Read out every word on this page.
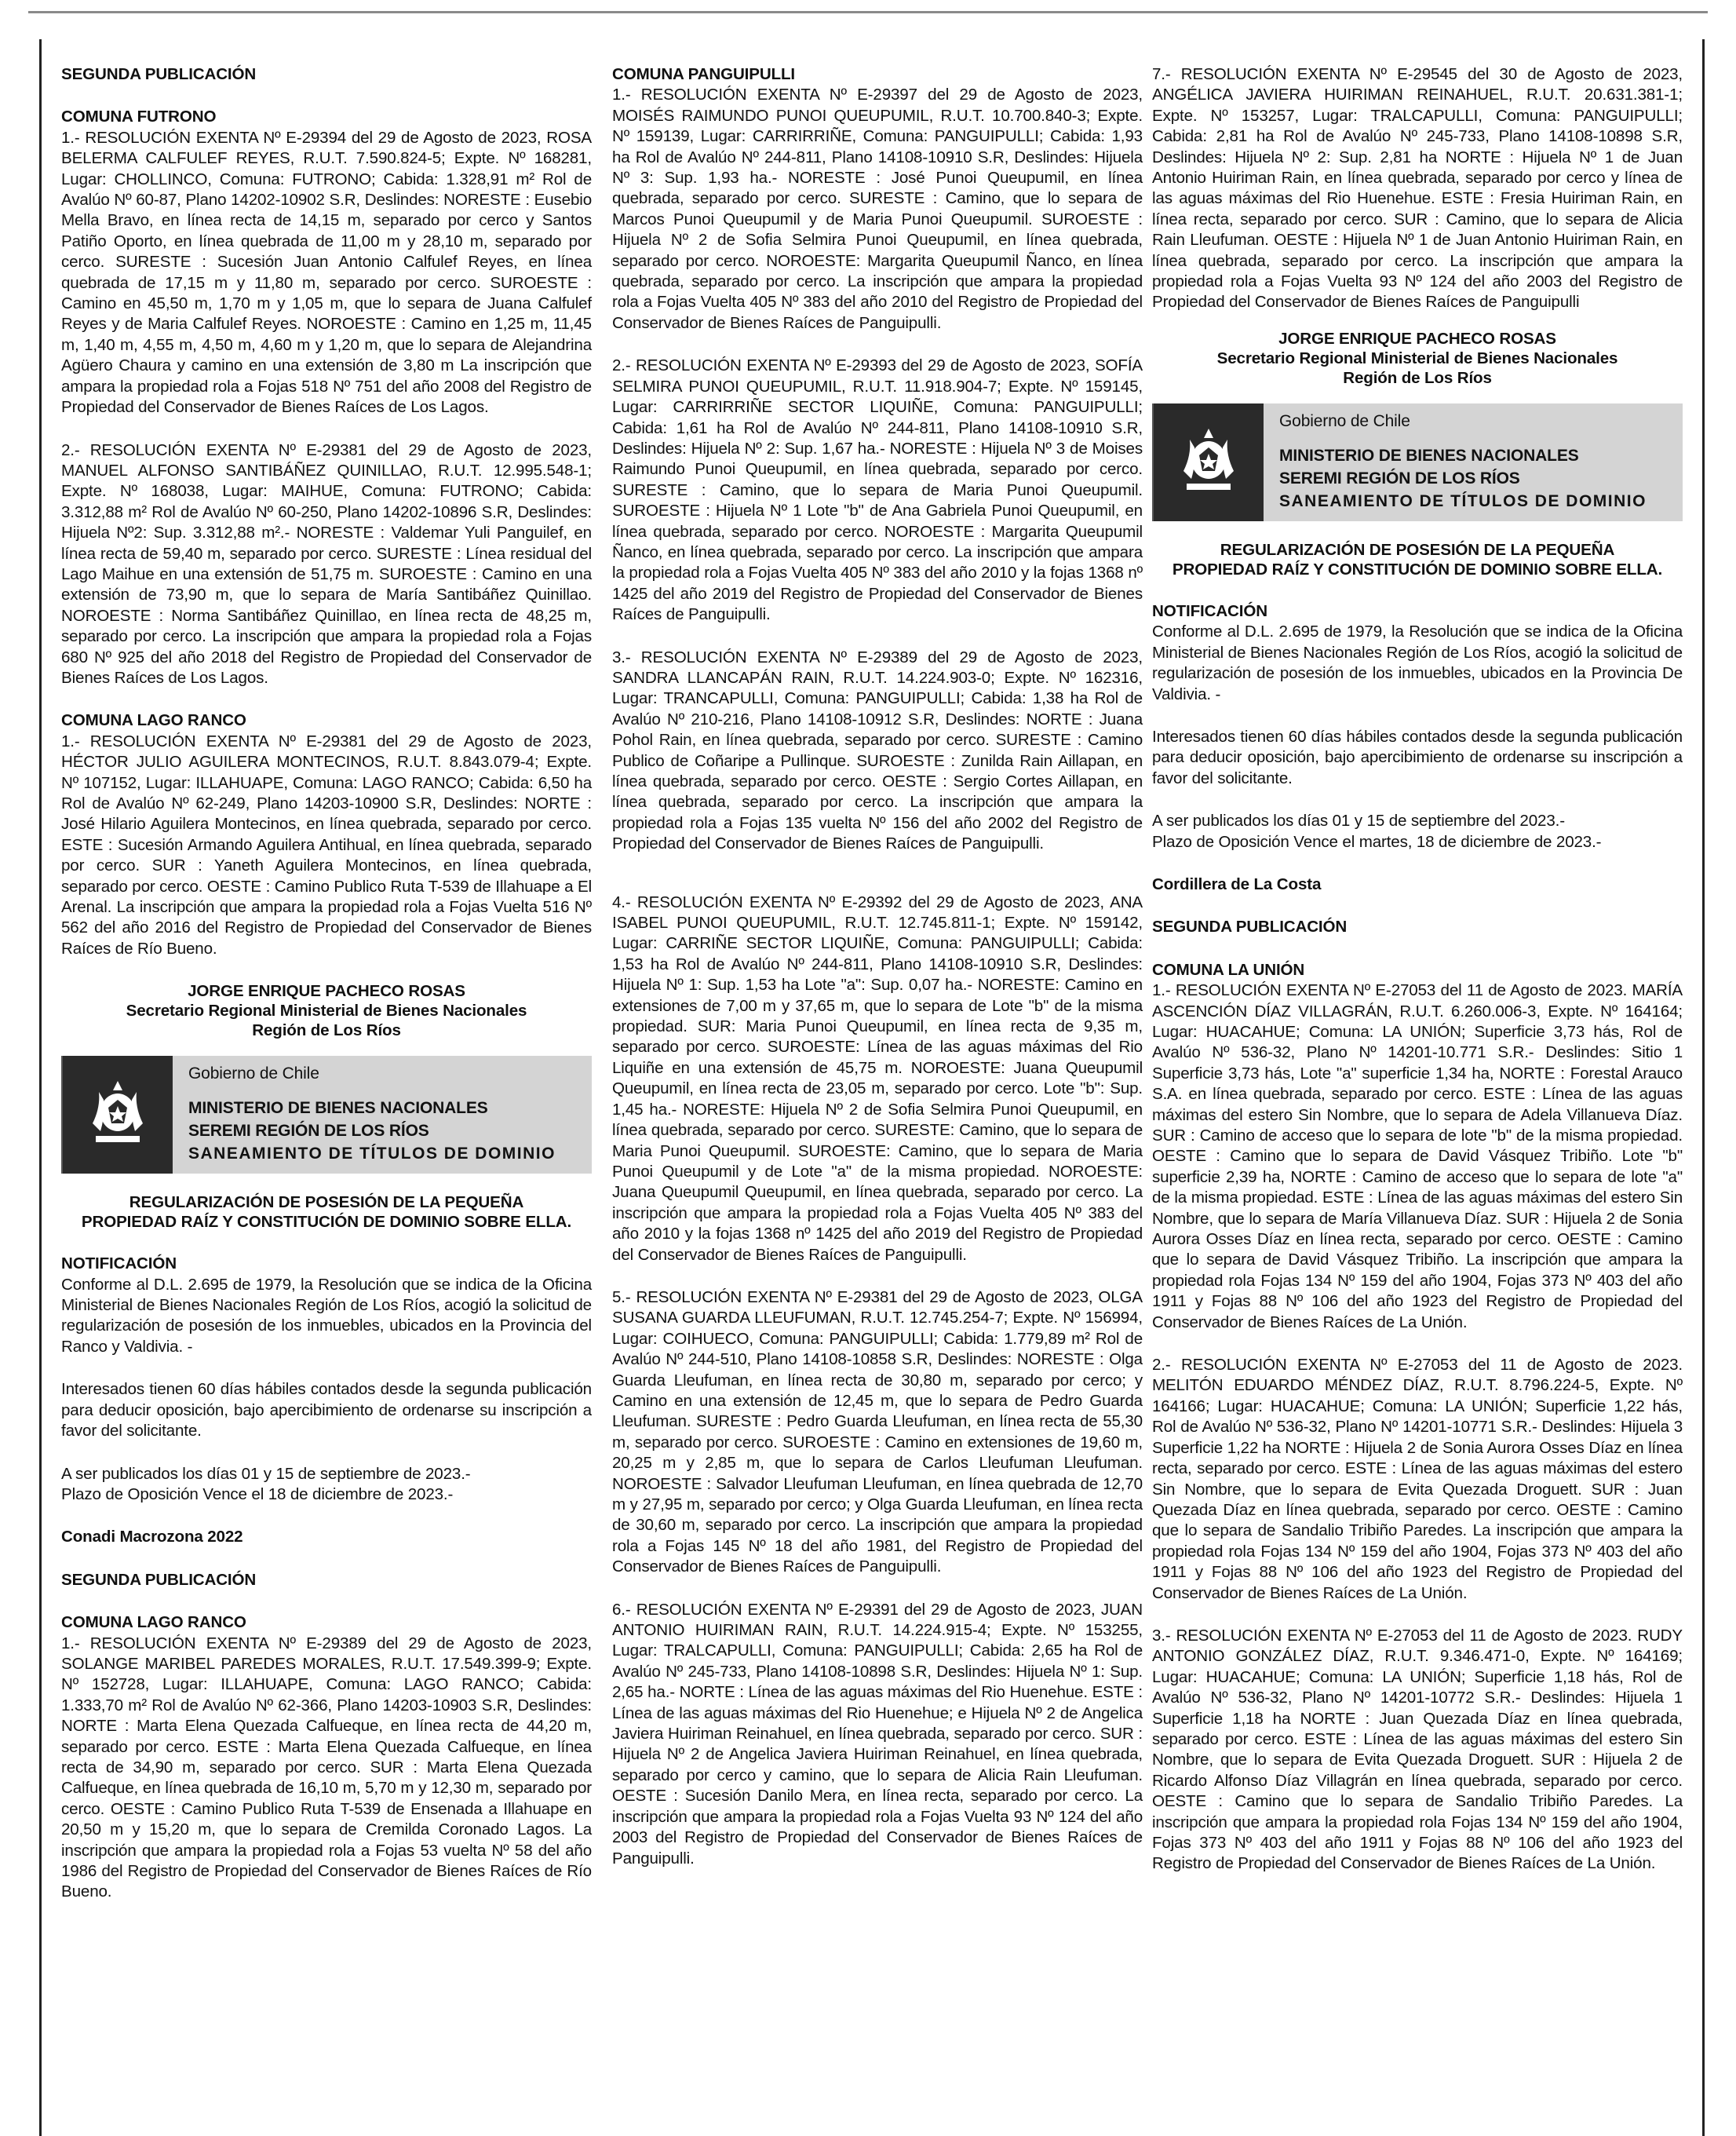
SEGUNDA PUBLICACIÓN

COMUNA FUTRONO

1.- RESOLUCIÓN EXENTA Nº E-29394 del 29 de Agosto de 2023, ROSA BELERMA CALFULEF REYES, R.U.T. 7.590.824-5; Expte. Nº 168281, Lugar: CHOLLINCO, Comuna: FUTRONO; Cabida: 1.328,91 m² Rol de Avalúo Nº 60-87, Plano 14202-10902 S.R, Deslindes: NORESTE : Eusebio Mella Bravo, en línea recta de 14,15 m, separado por cerco y Santos Patiño Oporto, en línea quebrada de 11,00 m y 28,10 m, separado por cerco. SURESTE : Sucesión Juan Antonio Calfulef Reyes, en línea quebrada de 17,15 m y 11,80 m, separado por cerco. SUROESTE : Camino en 45,50 m, 1,70 m y 1,05 m, que lo separa de Juana Calfulef Reyes y de Maria Calfulef Reyes. NOROESTE : Camino en 1,25 m, 11,45 m, 1,40 m, 4,55 m, 4,50 m, 4,60 m y 1,20 m, que lo separa de Alejandrina Agüero Chaura y camino en una extensión de 3,80 m La inscripción que ampara la propiedad rola a Fojas 518 Nº 751 del año 2008 del Registro de Propiedad del Conservador de Bienes Raíces de Los Lagos.

2.- RESOLUCIÓN EXENTA Nº E-29381 del 29 de Agosto de 2023, MANUEL ALFONSO SANTIBÁÑEZ QUINILLAO, R.U.T. 12.995.548-1; Expte. Nº 168038, Lugar: MAIHUE, Comuna: FUTRONO; Cabida: 3.312,88 m² Rol de Avalúo Nº 60-250, Plano 14202-10896 S.R, Deslindes: Hijuela Nº2: Sup. 3.312,88 m².- NORESTE : Valdemar Yuli Panguilef, en línea recta de 59,40 m, separado por cerco. SURESTE : Línea residual del Lago Maihue en una extensión de 51,75 m. SUROESTE : Camino en una extensión de 73,90 m, que lo separa de María Santibáñez Quinillao. NOROESTE : Norma Santibáñez Quinillao, en línea recta de 48,25 m, separado por cerco. La inscripción que ampara la propiedad rola a Fojas 680 Nº 925 del año 2018 del Registro de Propiedad del Conservador de Bienes Raíces de Los Lagos.

COMUNA LAGO RANCO

1.- RESOLUCIÓN EXENTA Nº E-29381 del 29 de Agosto de 2023, HÉCTOR JULIO AGUILERA MONTECINOS, R.U.T. 8.843.079-4; Expte. Nº 107152, Lugar: ILLAHUAPE, Comuna: LAGO RANCO; Cabida: 6,50 ha Rol de Avalúo Nº 62-249, Plano 14203-10900 S.R, Deslindes: NORTE : José Hilario Aguilera Montecinos, en línea quebrada, separado por cerco. ESTE : Sucesión Armando Aguilera Antihual, en línea quebrada, separado por cerco. SUR : Yaneth Aguilera Montecinos, en línea quebrada, separado por cerco. OESTE : Camino Publico Ruta T-539 de Illahuape a El Arenal. La inscripción que ampara la propiedad rola a Fojas Vuelta 516 Nº 562 del año 2016 del Registro de Propiedad del Conservador de Bienes Raíces de Río Bueno.

JORGE ENRIQUE PACHECO ROSAS
Secretario Regional Ministerial de Bienes Nacionales
Región de Los Ríos
Gobierno de Chile
MINISTERIO DE BIENES NACIONALES
SEREMI REGIÓN DE LOS RÍOS
SANEAMIENTO DE TÍTULOS DE DOMINIO
REGULARIZACIÓN DE POSESIÓN DE LA PEQUEÑA
PROPIEDAD RAÍZ Y CONSTITUCIÓN DE DOMINIO SOBRE ELLA.

NOTIFICACIÓN

Conforme al D.L. 2.695 de 1979, la Resolución que se indica de la Oficina Ministerial de Bienes Nacionales Región de Los Ríos, acogió la solicitud de regularización de posesión de los inmuebles, ubicados en la Provincia del Ranco y Valdivia. -

Interesados tienen 60 días hábiles contados desde la segunda publicación para deducir oposición, bajo apercibimiento de ordenarse su inscripción a favor del solicitante.

A ser publicados los días 01 y 15 de septiembre de 2023.-

Plazo de Oposición Vence el 18 de diciembre de 2023.-

Conadi Macrozona 2022

SEGUNDA PUBLICACIÓN

COMUNA LAGO RANCO

1.- RESOLUCIÓN EXENTA Nº E-29389 del 29 de Agosto de 2023, SOLANGE MARIBEL PAREDES MORALES, R.U.T. 17.549.399-9; Expte. Nº 152728, Lugar: ILLAHUAPE, Comuna: LAGO RANCO; Cabida: 1.333,70 m² Rol de Avalúo Nº 62-366, Plano 14203-10903 S.R, Deslindes: NORTE : Marta Elena Quezada Calfueque, en línea recta de 44,20 m, separado por cerco. ESTE : Marta Elena Quezada Calfueque, en línea recta de 34,90 m, separado por cerco. SUR : Marta Elena Quezada Calfueque, en línea quebrada de 16,10 m, 5,70 m y 12,30 m, separado por cerco. OESTE : Camino Publico Ruta T-539 de Ensenada a Illahuape en 20,50 m y 15,20 m, que lo separa de Cremilda Coronado Lagos. La inscripción que ampara la propiedad rola a Fojas 53 vuelta Nº 58 del año 1986 del Registro de Propiedad del Conservador de Bienes Raíces de Río Bueno.

COMUNA PANGUIPULLI

1.- RESOLUCIÓN EXENTA Nº E-29397 del 29 de Agosto de 2023, MOISÉS RAIMUNDO PUNOI QUEUPUMIL, R.U.T. 10.700.840-3; Expte. Nº 159139, Lugar: CARRIRRIÑE, Comuna: PANGUIPULLI; Cabida: 1,93 ha Rol de Avalúo Nº 244-811, Plano 14108-10910 S.R, Deslindes: Hijuela Nº 3: Sup. 1,93 ha.- NORESTE : José Punoi Queupumil, en línea quebrada, separado por cerco. SURESTE : Camino, que lo separa de Marcos Punoi Queupumil y de Maria Punoi Queupumil. SUROESTE : Hijuela Nº 2 de Sofia Selmira Punoi Queupumil, en línea quebrada, separado por cerco. NOROESTE: Margarita Queupumil Ñanco, en línea quebrada, separado por cerco. La inscripción que ampara la propiedad rola a Fojas Vuelta 405 Nº 383 del año 2010 del Registro de Propiedad del Conservador de Bienes Raíces de Panguipulli.

2.- RESOLUCIÓN EXENTA Nº E-29393 del 29 de Agosto de 2023, SOFÍA SELMIRA PUNOI QUEUPUMIL, R.U.T. 11.918.904-7; Expte. Nº 159145, Lugar: CARRIRRIÑE SECTOR LIQUIÑE, Comuna: PANGUIPULLI; Cabida: 1,61 ha Rol de Avalúo Nº 244-811, Plano 14108-10910 S.R, Deslindes: Hijuela Nº 2: Sup. 1,67 ha.- NORESTE : Hijuela Nº 3 de Moises Raimundo Punoi Queupumil, en línea quebrada, separado por cerco. SURESTE : Camino, que lo separa de Maria Punoi Queupumil. SUROESTE : Hijuela Nº 1 Lote "b" de Ana Gabriela Punoi Queupumil, en línea quebrada, separado por cerco. NOROESTE : Margarita Queupumil Ñanco, en línea quebrada, separado por cerco. La inscripción que ampara la propiedad rola a Fojas Vuelta 405 Nº 383 del año 2010 y la fojas 1368 nº 1425 del año 2019 del Registro de Propiedad del Conservador de Bienes Raíces de Panguipulli.

3.- RESOLUCIÓN EXENTA Nº E-29389 del 29 de Agosto de 2023, SANDRA LLANCAPÁN RAIN, R.U.T. 14.224.903-0; Expte. Nº 162316, Lugar: TRANCAPULLI, Comuna: PANGUIPULLI; Cabida: 1,38 ha Rol de Avalúo Nº 210-216, Plano 14108-10912 S.R, Deslindes: NORTE : Juana Pohol Rain, en línea quebrada, separado por cerco. SURESTE : Camino Publico de Coñaripe a Pullinque. SUROESTE : Zunilda Rain Aillapan, en línea quebrada, separado por cerco. OESTE : Sergio Cortes Aillapan, en línea quebrada, separado por cerco. La inscripción que ampara la propiedad rola a Fojas 135 vuelta Nº 156 del año 2002 del Registro de Propiedad del Conservador de Bienes Raíces de Panguipulli.

4.- RESOLUCIÓN EXENTA Nº E-29392 del 29 de Agosto de 2023, ANA ISABEL PUNOI QUEUPUMIL, R.U.T. 12.745.811-1; Expte. Nº 159142, Lugar: CARRIÑE SECTOR LIQUIÑE, Comuna: PANGUIPULLI; Cabida: 1,53 ha Rol de Avalúo Nº 244-811, Plano 14108-10910 S.R, Deslindes: Hijuela Nº 1: Sup. 1,53 ha Lote "a": Sup. 0,07 ha.- NORESTE: Camino en extensiones de 7,00 m y 37,65 m, que lo separa de Lote "b" de la misma propiedad. SUR: Maria Punoi Queupumil, en línea recta de 9,35 m, separado por cerco. SUROESTE: Línea de las aguas máximas del Rio Liquiñe en una extensión de 45,75 m. NOROESTE: Juana Queupumil Queupumil, en línea recta de 23,05 m, separado por cerco. Lote "b": Sup. 1,45 ha.- NORESTE: Hijuela Nº 2 de Sofia Selmira Punoi Queupumil, en línea quebrada, separado por cerco. SURESTE: Camino, que lo separa de Maria Punoi Queupumil. SUROESTE: Camino, que lo separa de Maria Punoi Queupumil y de Lote "a" de la misma propiedad. NOROESTE: Juana Queupumil Queupumil, en línea quebrada, separado por cerco. La inscripción que ampara la propiedad rola a Fojas Vuelta 405 Nº 383 del año 2010 y la fojas 1368 nº 1425 del año 2019 del Registro de Propiedad del Conservador de Bienes Raíces de Panguipulli.

5.- RESOLUCIÓN EXENTA Nº E-29381 del 29 de Agosto de 2023, OLGA SUSANA GUARDA LLEUFUMAN, R.U.T. 12.745.254-7; Expte. Nº 156994, Lugar: COIHUECO, Comuna: PANGUIPULLI; Cabida: 1.779,89 m² Rol de Avalúo Nº 244-510, Plano 14108-10858 S.R, Deslindes: NORESTE : Olga Guarda Lleufuman, en línea recta de 30,80 m, separado por cerco; y Camino en una extensión de 12,45 m, que lo separa de Pedro Guarda Lleufuman. SURESTE : Pedro Guarda Lleufuman, en línea recta de 55,30 m, separado por cerco. SUROESTE : Camino en extensiones de 19,60 m, 20,25 m y 2,85 m, que lo separa de Carlos Lleufuman Lleufuman. NOROESTE : Salvador Lleufuman Lleufuman, en línea quebrada de 12,70 m y 27,95 m, separado por cerco; y Olga Guarda Lleufuman, en línea recta de 30,60 m, separado por cerco. La inscripción que ampara la propiedad rola a Fojas 145 Nº 18 del año 1981, del Registro de Propiedad del Conservador de Bienes Raíces de Panguipulli.

6.- RESOLUCIÓN EXENTA Nº E-29391 del 29 de Agosto de 2023, JUAN ANTONIO HUIRIMAN RAIN, R.U.T. 14.224.915-4; Expte. Nº 153255, Lugar: TRALCAPULLI, Comuna: PANGUIPULLI; Cabida: 2,65 ha Rol de Avalúo Nº 245-733, Plano 14108-10898 S.R, Deslindes: Hijuela Nº 1: Sup. 2,65 ha.- NORTE : Línea de las aguas máximas del Rio Huenehue. ESTE : Línea de las aguas máximas del Rio Huenehue; e Hijuela Nº 2 de Angelica Javiera Huiriman Reinahuel, en línea quebrada, separado por cerco. SUR : Hijuela Nº 2 de Angelica Javiera Huiriman Reinahuel, en línea quebrada, separado por cerco y camino, que lo separa de Alicia Rain Lleufuman. OESTE : Sucesión Danilo Mera, en línea recta, separado por cerco. La inscripción que ampara la propiedad rola a Fojas Vuelta 93 Nº 124 del año 2003 del Registro de Propiedad del Conservador de Bienes Raíces de Panguipulli.

7.- RESOLUCIÓN EXENTA Nº E-29545 del 30 de Agosto de 2023, ANGÉLICA JAVIERA HUIRIMAN REINAHUEL, R.U.T. 20.631.381-1; Expte. Nº 153257, Lugar: TRALCAPULLI, Comuna: PANGUIPULLI; Cabida: 2,81 ha Rol de Avalúo Nº 245-733, Plano 14108-10898 S.R, Deslindes: Hijuela Nº 2: Sup. 2,81 ha NORTE : Hijuela Nº 1 de Juan Antonio Huiriman Rain, en línea quebrada, separado por cerco y línea de las aguas máximas del Rio Huenehue. ESTE : Fresia Huiriman Rain, en línea recta, separado por cerco. SUR : Camino, que lo separa de Alicia Rain Lleufuman. OESTE : Hijuela Nº 1 de Juan Antonio Huiriman Rain, en línea quebrada, separado por cerco. La inscripción que ampara la propiedad rola a Fojas Vuelta 93 Nº 124 del año 2003 del Registro de Propiedad del Conservador de Bienes Raíces de Panguipulli

JORGE ENRIQUE PACHECO ROSAS
Secretario Regional Ministerial de Bienes Nacionales
Región de Los Ríos
Gobierno de Chile
MINISTERIO DE BIENES NACIONALES
SEREMI REGIÓN DE LOS RÍOS
SANEAMIENTO DE TÍTULOS DE DOMINIO
REGULARIZACIÓN DE POSESIÓN DE LA PEQUEÑA
PROPIEDAD RAÍZ Y CONSTITUCIÓN DE DOMINIO SOBRE ELLA.

NOTIFICACIÓN

Conforme al D.L. 2.695 de 1979, la Resolución que se indica de la Oficina Ministerial de Bienes Nacionales Región de Los Ríos, acogió la solicitud de regularización de posesión de los inmuebles, ubicados en la Provincia De Valdivia. -

Interesados tienen 60 días hábiles contados desde la segunda publicación para deducir oposición, bajo apercibimiento de ordenarse su inscripción a favor del solicitante.

A ser publicados los días 01 y 15 de septiembre del 2023.-

Plazo de Oposición Vence el martes, 18 de diciembre de 2023.-

Cordillera de La Costa

SEGUNDA PUBLICACIÓN

COMUNA LA UNIÓN

1.- RESOLUCIÓN EXENTA Nº E-27053 del 11 de Agosto de 2023. MARÍA ASCENCIÓN DÍAZ VILLAGRÁN, R.U.T. 6.260.006-3, Expte. Nº 164164; Lugar: HUACAHUE; Comuna: LA UNIÓN; Superficie 3,73 hás, Rol de Avalúo Nº 536-32, Plano Nº 14201-10.771 S.R.- Deslindes: Sitio 1 Superficie 3,73 hás, Lote "a" superficie 1,34 ha, NORTE : Forestal Arauco S.A. en línea quebrada, separado por cerco. ESTE : Línea de las aguas máximas del estero Sin Nombre, que lo separa de Adela Villanueva Díaz. SUR : Camino de acceso que lo separa de lote "b" de la misma propiedad. OESTE : Camino que lo separa de David Vásquez Tribiño. Lote "b" superficie 2,39 ha, NORTE : Camino de acceso que lo separa de lote "a" de la misma propiedad. ESTE : Línea de las aguas máximas del estero Sin Nombre, que lo separa de María Villanueva Díaz. SUR : Hijuela 2 de Sonia Aurora Osses Díaz en línea recta, separado por cerco. OESTE : Camino que lo separa de David Vásquez Tribiño. La inscripción que ampara la propiedad rola Fojas 134 Nº 159 del año 1904, Fojas 373 Nº 403 del año 1911 y Fojas 88 Nº 106 del año 1923 del Registro de Propiedad del Conservador de Bienes Raíces de La Unión.

2.- RESOLUCIÓN EXENTA Nº E-27053 del 11 de Agosto de 2023. MELITÓN EDUARDO MÉNDEZ DÍAZ, R.U.T. 8.796.224-5, Expte. Nº 164166; Lugar: HUACAHUE; Comuna: LA UNIÓN; Superficie 1,22 hás, Rol de Avalúo Nº 536-32, Plano Nº 14201-10771 S.R.- Deslindes: Hijuela 3 Superficie 1,22 ha NORTE : Hijuela 2 de Sonia Aurora Osses Díaz en línea recta, separado por cerco. ESTE : Línea de las aguas máximas del estero Sin Nombre, que lo separa de Evita Quezada Droguett. SUR : Juan Quezada Díaz en línea quebrada, separado por cerco. OESTE : Camino que lo separa de Sandalio Tribiño Paredes. La inscripción que ampara la propiedad rola Fojas 134 Nº 159 del año 1904, Fojas 373 Nº 403 del año 1911 y Fojas 88 Nº 106 del año 1923 del Registro de Propiedad del Conservador de Bienes Raíces de La Unión.

3.- RESOLUCIÓN EXENTA Nº E-27053 del 11 de Agosto de 2023. RUDY ANTONIO GONZÁLEZ DÍAZ, R.U.T. 9.346.471-0, Expte. Nº 164169; Lugar: HUACAHUE; Comuna: LA UNIÓN; Superficie 1,18 hás, Rol de Avalúo Nº 536-32, Plano Nº 14201-10772 S.R.- Deslindes: Hijuela 1 Superficie 1,18 ha NORTE : Juan Quezada Díaz en línea quebrada, separado por cerco. ESTE : Línea de las aguas máximas del estero Sin Nombre, que lo separa de Evita Quezada Droguett. SUR : Hijuela 2 de Ricardo Alfonso Díaz Villagrán en línea quebrada, separado por cerco. OESTE : Camino que lo separa de Sandalio Tribiño Paredes. La inscripción que ampara la propiedad rola Fojas 134 Nº 159 del año 1904, Fojas 373 Nº 403 del año 1911 y Fojas 88 Nº 106 del año 1923 del Registro de Propiedad del Conservador de Bienes Raíces de La Unión.
